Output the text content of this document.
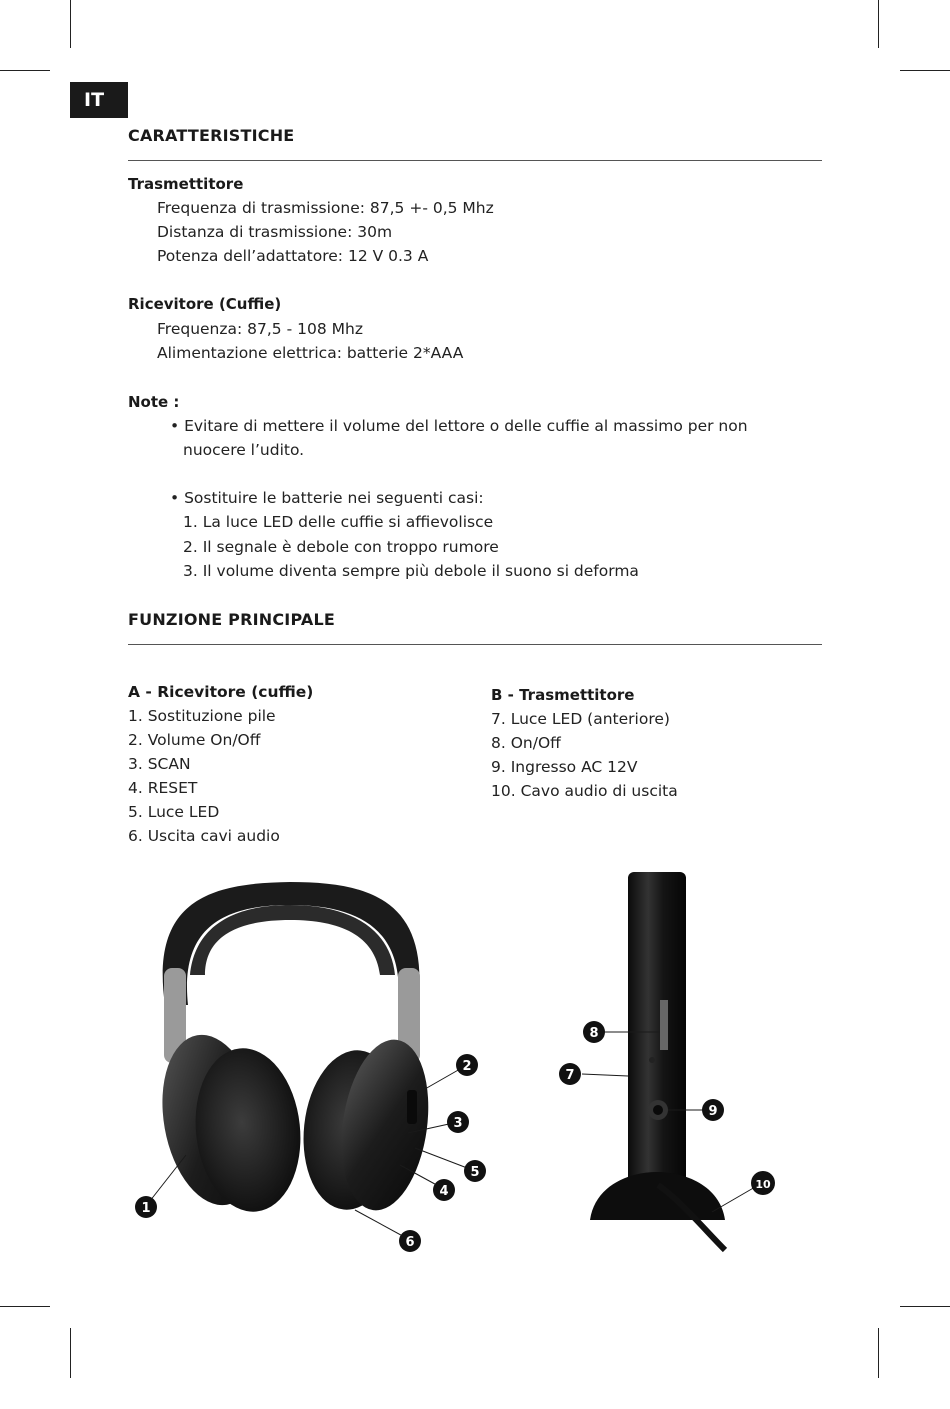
IT
CARATTERISTICHE
Trasmettitore
Frequenza di trasmissione: 87,5 +- 0,5 Mhz
Distanza di trasmissione: 30m
Potenza dell’adattatore: 12 V 0.3 A
Ricevitore (Cuffie)
Frequenza: 87,5 - 108 Mhz
Alimentazione elettrica: batterie 2*AAA
Note :
• Evitare di mettere il volume del lettore o delle cuffie al massimo per non
nuocere l’udito.
• Sostituire le batterie nei seguenti casi:
1. La luce LED delle cuffie si affievolisce
2. Il segnale è debole con troppo rumore
3. Il volume diventa sempre più debole il suono si deforma
FUNZIONE PRINCIPALE
A - Ricevitore (cuffie)
1. Sostituzione pile
2. Volume On/Off
3. SCAN
4. RESET
5. Luce LED
6. Uscita cavi audio
B - Trasmettitore
7. Luce LED (anteriore)
8. On/Off
9. Ingresso AC 12V
10. Cavo audio di uscita
1
2
3
4
5
6
7
8
9
10
